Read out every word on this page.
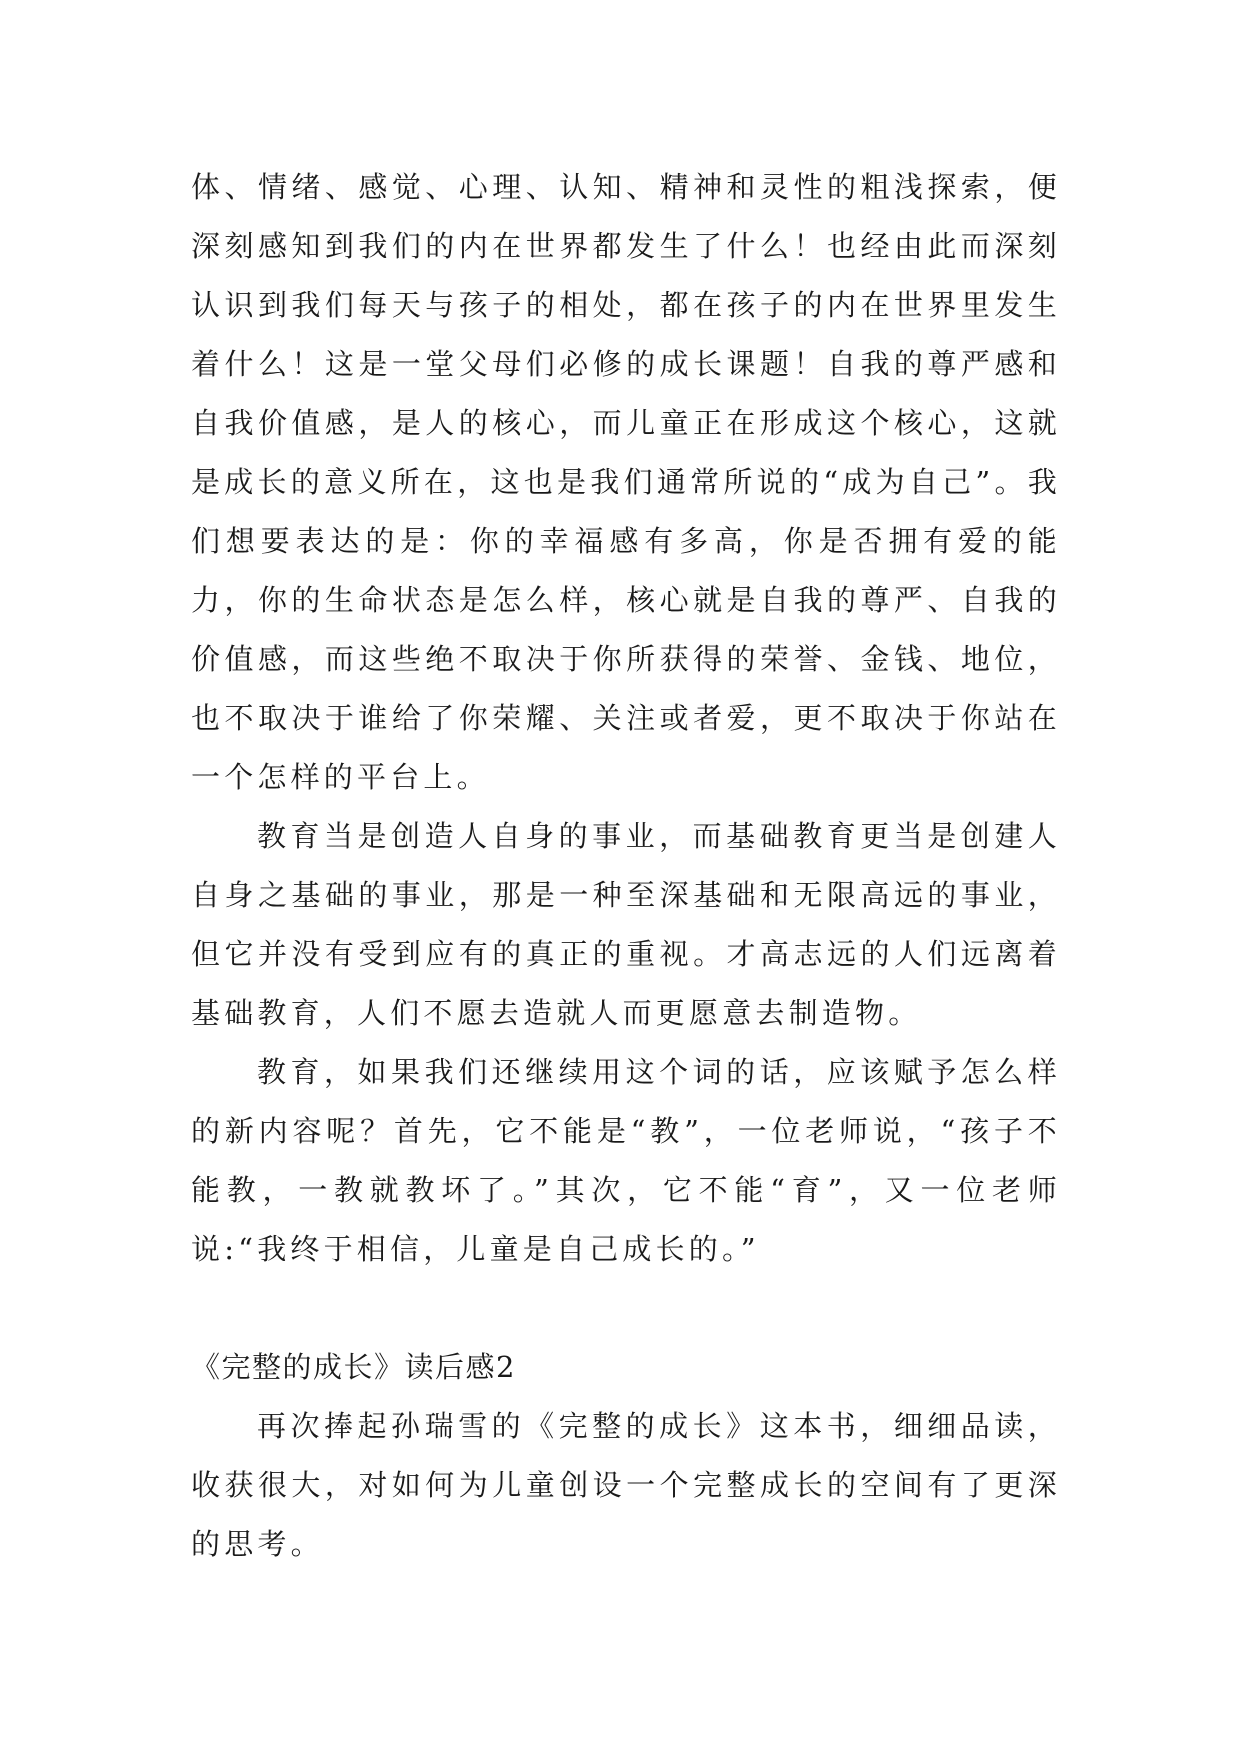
体、情绪、感觉、心理、认知、精神和灵性的粗浅探索，便深刻感知到我们的内在世界都发生了什么！也经由此而深刻认识到我们每天与孩子的相处，都在孩子的内在世界里发生着什么！这是一堂父母们必修的成长课题！自我的尊严感和自我价值感，是人的核心，而儿童正在形成这个核心，这就是成长的意义所在，这也是我们通常所说的“成为自己”。我们想要表达的是：你的幸福感有多高，你是否拥有爱的能力，你的生命状态是怎么样，核心就是自我的尊严、自我的价值感，而这些绝不取决于你所获得的荣誉、金钱、地位，也不取决于谁给了你荣耀、关注或者爱，更不取决于你站在一个怎样的平台上。

教育当是创造人自身的事业，而基础教育更当是创建人自身之基础的事业，那是一种至深基础和无限高远的事业，但它并没有受到应有的真正的重视。才高志远的人们远离着基础教育，人们不愿去造就人而更愿意去制造物。

教育，如果我们还继续用这个词的话，应该赋予怎么样的新内容呢？首先，它不能是“教”，一位老师说，“孩子不能教，一教就教坏了。”其次，它不能“育”，又一位老师说:“我终于相信，儿童是自己成长的。”

《完整的成长》读后感2

再次捧起孙瑞雪的《完整的成长》这本书，细细品读，收获很大，对如何为儿童创设一个完整成长的空间有了更深的思考。
